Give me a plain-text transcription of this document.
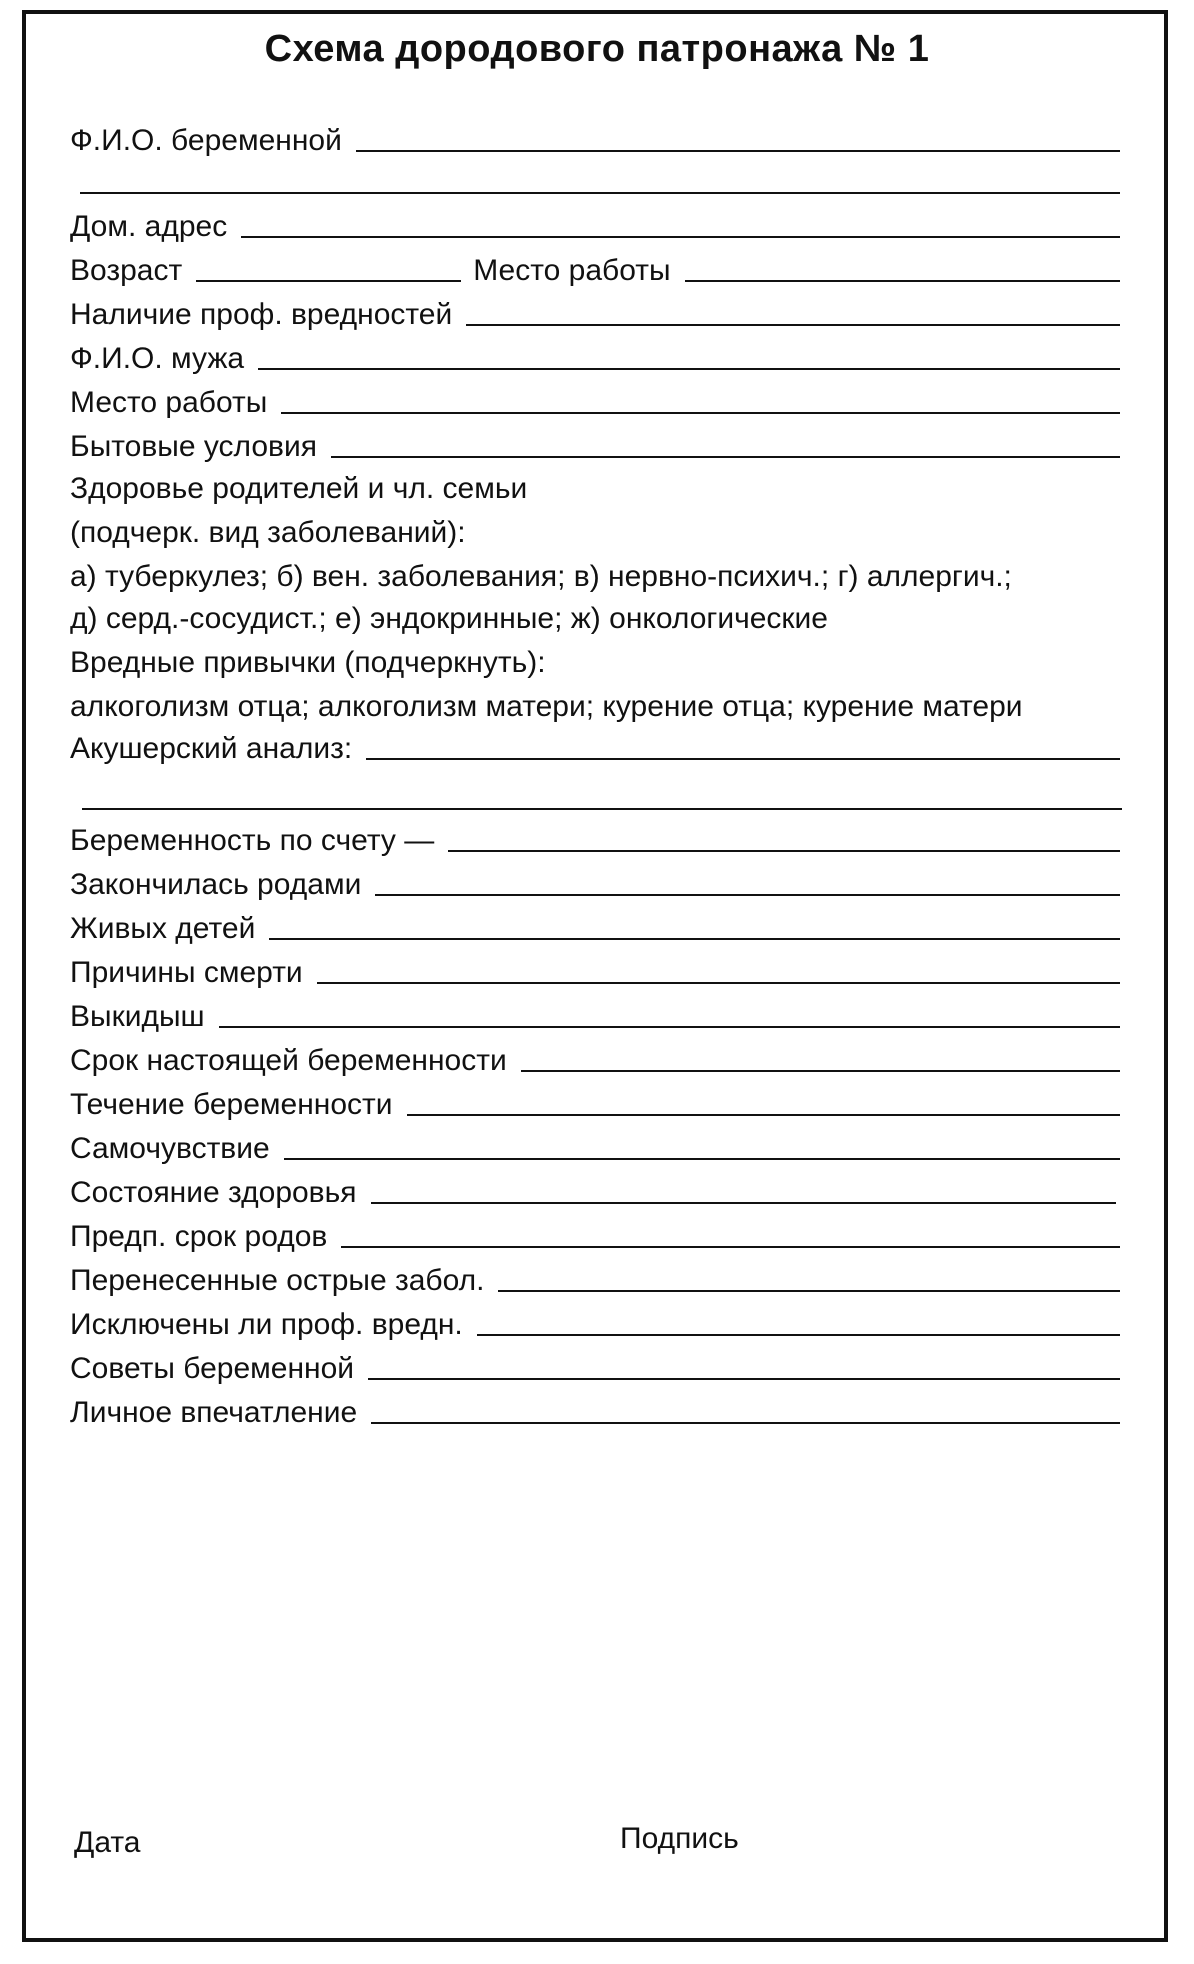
Схема дородового патронажа № 1
Ф.И.О. беременной
Дом. адрес
Возраст	Место работы
Наличие проф. вредностей
Ф.И.О. мужа
Место работы
Бытовые условия
Здоровье родителей и чл. семьи
(подчерк. вид заболеваний):
а) туберкулез; б) вен. заболевания; в) нервно-психич.; г) аллергич.;
д) серд.-сосудист.; е) эндокринные; ж) онкологические
Вредные привычки (подчеркнуть):
алкоголизм отца; алкоголизм матери; курение отца; курение матери
Акушерский анализ:
Беременность по счету —
Закончилась родами
Живых детей
Причины смерти
Выкидыш
Срок настоящей беременности
Течение беременности
Самочувствие
Состояние здоровья
Предп. срок родов
Перенесенные острые забол.
Исключены ли проф. вредн.
Советы беременной
Личное впечатление
Дата	Подпись
